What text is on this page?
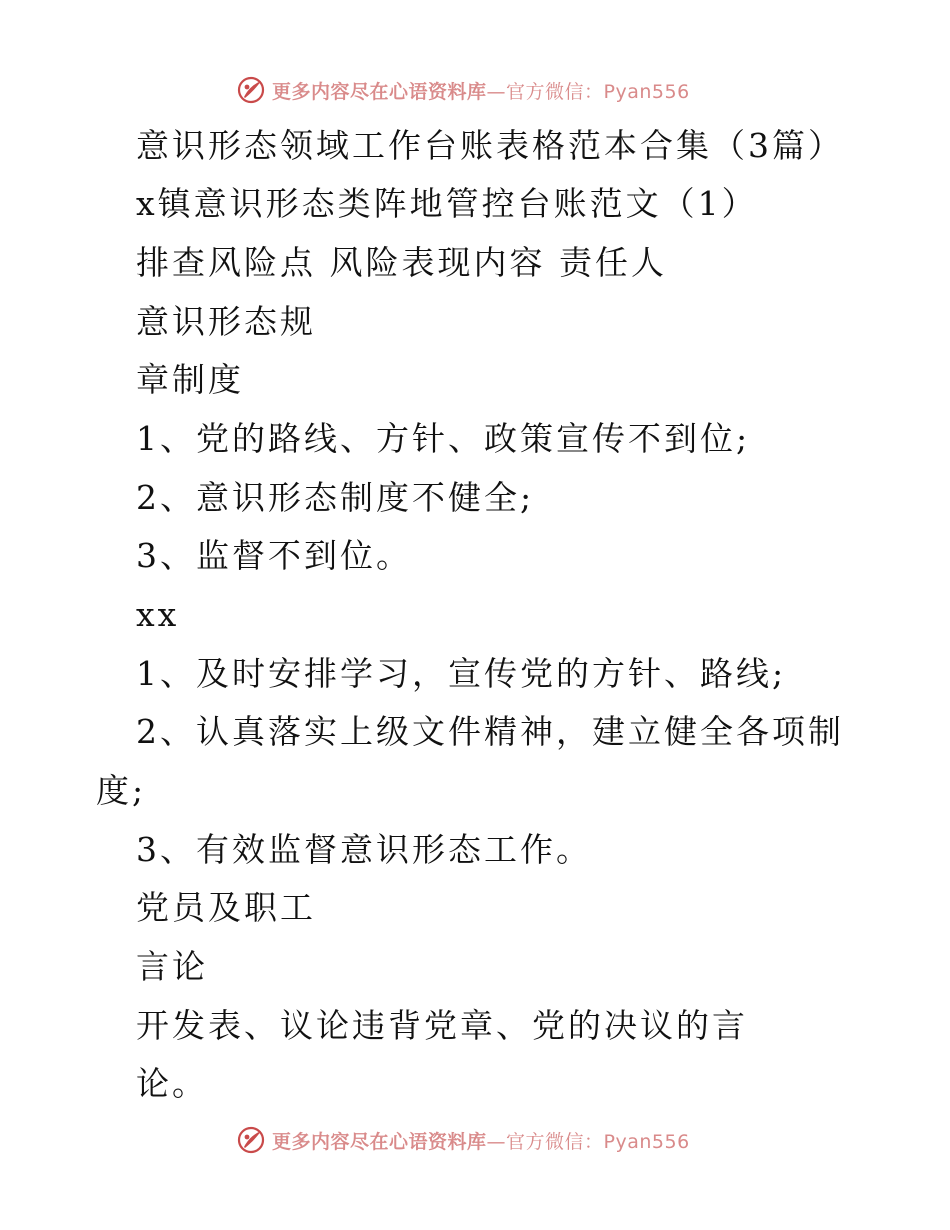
更多内容尽在心语资料库—官方微信：Pyan556
意识形态领域工作台账表格范本合集（3篇）
x镇意识形态类阵地管控台账范文（1）
排查风险点 风险表现内容 责任人
意识形态规
章制度
1、党的路线、方针、政策宣传不到位;
2、意识形态制度不健全;
3、监督不到位。
xx
1、及时安排学习，宣传党的方针、路线;
2、认真落实上级文件精神，建立健全各项制
度;
3、有效监督意识形态工作。
党员及职工
言论
开发表、议论违背党章、党的决议的言
论。
更多内容尽在心语资料库—官方微信：Pyan556
